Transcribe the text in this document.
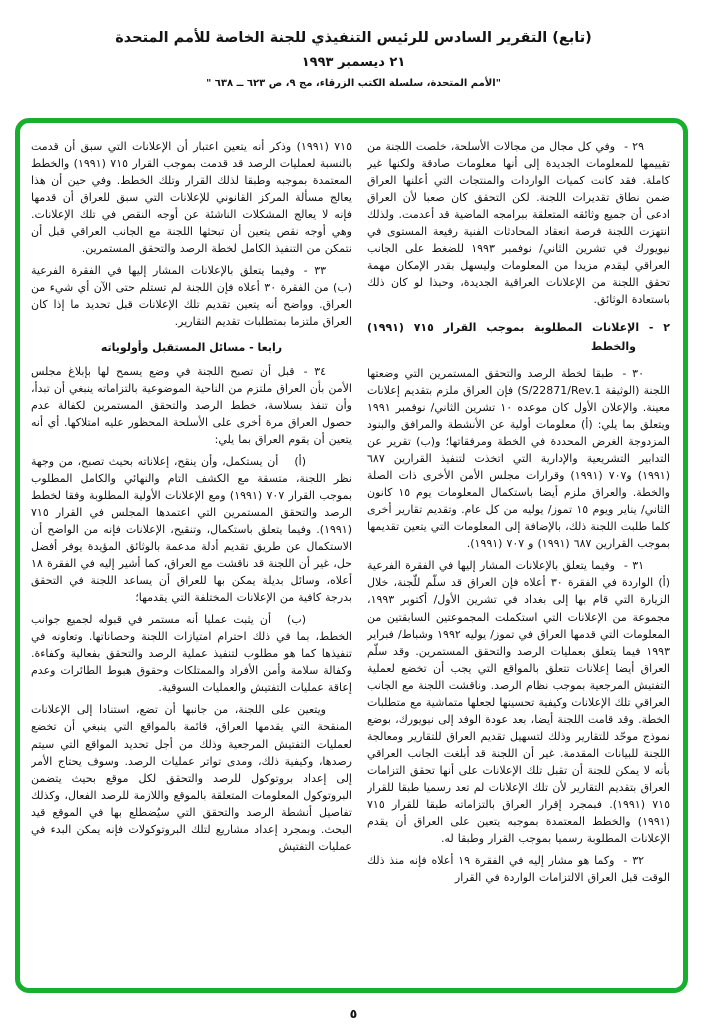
(تابع) التقرير السادس للرئيس التنفيذي للجنة الخاصة للأمم المتحدة
٢١ ديسمبر ١٩٩٣
"الأمم المتحدة، سلسلة الكتب الزرقاء، مج ٩، ص ٦٢٣ ــ ٦٣٨ "

٢٩ -وفي كل مجال من مجالات الأسلحة، خلصت اللجنة من تقييمها للمعلومات الجديدة إلى أنها معلومات صادقة ولكنها غير كاملة. فقد كانت كميات الواردات والمنتجات التي أعلنها العراق ضمن نطاق تقديرات اللجنة. لكن التحقق كان صعبا لأن العراق ادعى أن جميع وثائقه المتعلقة ببرامجه الماضية قد أعدمت. ولذلك انتهزت اللجنة فرصة انعقاد المحادثات الفنية رفيعة المستوى في نيويورك في تشرين الثاني/ نوفمبر ١٩٩٣ للضغط على الجانب العراقي ليقدم مزيدا من المعلومات وليسهل بقدر الإمكان مهمة تحقق اللجنة من الإعلانات العراقية الجديدة، وحبذا لو كان ذلك باستعادة الوثائق.

٢ - الإعلانات المطلوبة بموجب القرار ٧١٥ (١٩٩١) والخطط

٣٠ -طبقا لخطة الرصد والتحقق المستمرين التي وضعتها اللجنة (الوثيقة S/22871/Rev.1) فإن العراق ملزم بتقديم إعلانات معينة. والإعلان الأول كان موعده ١٠ تشرين الثاني/ نوفمبر ١٩٩١ ويتعلق بما يلي: (أ) معلومات أولية عن الأنشطة والمرافق والبنود المزدوجة الغرض المحددة في الخطة ومرفقاتها؛ و(ب) تقرير عن التدابير التشريعية والإدارية التي اتخذت لتنفيذ القرارين ٦٨٧ (١٩٩١) و٧٠٧ (١٩٩١) وقرارات مجلس الأمن الأخرى ذات الصلة والخطة. والعراق ملزم أيضا باستكمال المعلومات يوم ١٥ كانون الثاني/ يناير ويوم ١٥ تموز/ يوليه من كل عام. وتقديم تقارير أخرى كلما طلبت اللجنة ذلك، بالإضافة إلى المعلومات التي يتعين تقديمها بموجب القرارين ٦٨٧ (١٩٩١) و ٧٠٧ (١٩٩١).

٣١ -وفيما يتعلق بالإعلانات المشار إليها في الفقرة الفرعية (أ) الواردة في الفقرة ٣٠ أعلاه فإن العراق قد سلّم للّجنة، خلال الزيارة التي قام بها إلى بغداد في تشرين الأول/ أكتوبر ١٩٩٣، مجموعة من الإعلانات التي استكملت المجموعتين السابقتين من المعلومات التي قدمها العراق في تموز/ يوليه ١٩٩٢ وشباط/ فبراير ١٩٩٣ فيما يتعلق بعمليات الرصد والتحقق المستمرين. وقد سلّم العراق أيضا إعلانات تتعلق بالمواقع التي يجب أن تخضع لعملية التفتيش المرجعية بموجب نظام الرصد. وناقشت اللجنة مع الجانب العراقي تلك الإعلانات وكيفية تحسينها لجعلها متماشية مع متطلبات الخطة. وقد قامت اللجنة أيضا، بعد عودة الوفد إلى نيويورك، بوضع نموذج موحّد للتقارير وذلك لتسهيل تقديم العراق للتقارير ومعالجة اللجنة للبيانات المقدمة. غير أن اللجنة قد أبلغت الجانب العراقي بأنه لا يمكن للجنة أن تقبل تلك الإعلانات على أنها تحقق التزامات العراق بتقديم التقارير لأن تلك الإعلانات لم تعد رسميا طبقا للقرار ٧١٥ (١٩٩١). فبمجرد إقرار العراق بالتزاماته طبقا للقرار ٧١٥ (١٩٩١) والخطط المعتمدة بموجبه يتعين على العراق أن يقدم الإعلانات المطلوبة رسميا بموجب القرار وطبقا له.

٣٢ -وكما هو مشار إليه في الفقرة ١٩ أعلاه فإنه منذ ذلك الوقت قبل العراق الالتزامات الواردة في القرار

٧١٥ (١٩٩١) وذكر أنه يتعين اعتبار أن الإعلانات التي سبق أن قدمت بالنسبة لعمليات الرصد قد قدمت بموجب القرار ٧١٥ (١٩٩١) والخطط المعتمدة بموجبه وطبقا لذلك القرار وتلك الخطط. وفي حين أن هذا يعالج مسألة المركز القانوني للإعلانات التي سبق للعراق أن قدمها فإنه لا يعالج المشكلات الناشئة عن أوجه النقص في تلك الإعلانات. وهي أوجه نقص يتعين أن تبحثها اللجنة مع الجانب العراقي قبل أن نتمكن من التنفيذ الكامل لخطة الرصد والتحقق المستمرين.

٣٣ -وفيما يتعلق بالإعلانات المشار إليها في الفقرة الفرعية (ب) من الفقرة ٣٠ أعلاه فإن اللجنة لم تستلم حتى الآن أي شيء من العراق. وواضح أنه يتعين تقديم تلك الإعلانات قبل تحديد ما إذا كان العراق ملتزما بمتطلبات تقديم التقارير.

رابعا - مسائل المستقبل وأولوياته

٣٤ -قبل أن تصبح اللجنة في وضع يسمح لها بإبلاغ مجلس الأمن بأن العراق ملتزم من الناحية الموضوعية بالتزاماته ينبغي أن تبدأ، وأن تنفذ بسلاسة، خطط الرصد والتحقق المستمرين لكفالة عدم حصول العراق مرة أخرى على الأسلحة المحظور عليه امتلاكها. أي أنه يتعين أن يقوم العراق بما يلي:

(أ)أن يستكمل، وأن ينقح، إعلاناته بحيث تصبح، من وجهة نظر اللجنة، متسقة مع الكشف التام والنهائي والكامل المطلوب بموجب القرار ٧٠٧ (١٩٩١) ومع الإعلانات الأولية المطلوبة وفقا لخطط الرصد والتحقق المستمرين التي اعتمدها المجلس في القرار ٧١٥ (١٩٩١). وفيما يتعلق باستكمال، وتنقيح، الإعلانات فإنه من الواضح أن الاستكمال عن طريق تقديم أدلة مدعمة بالوثائق المؤيدة يوفر أفضل حل، غير أن اللجنة قد ناقشت مع العراق، كما أشير إليه في الفقرة ١٨ أعلاه، وسائل بديلة يمكن بها للعراق أن يساعد اللجنة في التحقق بدرجة كافية من الإعلانات المختلفة التي يقدمها؛

(ب)أن يثبت عمليا أنه مستمر في قبوله لجميع جوانب الخطط، بما في ذلك احترام امتيازات اللجنة وحصاناتها. وتعاونه في تنفيذها كما هو مطلوب لتنفيذ عملية الرصد والتحقق بفعالية وكفاءة. وكفالة سلامة وأمن الأفراد والممتلكات وحقوق هبوط الطائرات وعدم إعاقة عمليات التفتيش والعمليات السوقية.

ويتعين على اللجنة، من جانبها أن تضع، استنادا إلى الإعلانات المنقحة التي يقدمها العراق، قائمة بالمواقع التي ينبغي أن تخضع لعمليات التفتيش المرجعية وذلك من أجل تحديد المواقع التي سيتم رصدها، وكيفية ذلك، ومدى تواتر عمليات الرصد. وسوف يحتاج الأمر إلى إعداد بروتوكول للرصد والتحقق لكل موقع بحيث يتضمن البروتوكول المعلومات المتعلقة بالموقع واللازمة للرصد الفعال، وكذلك تفاصيل أنشطة الرصد والتحقق التي سيُضطلع بها في الموقع قيد البحث. وبمجرد إعداد مشاريع لتلك البروتوكولات فإنه يمكن البدء في عمليات التفتيش

٥
